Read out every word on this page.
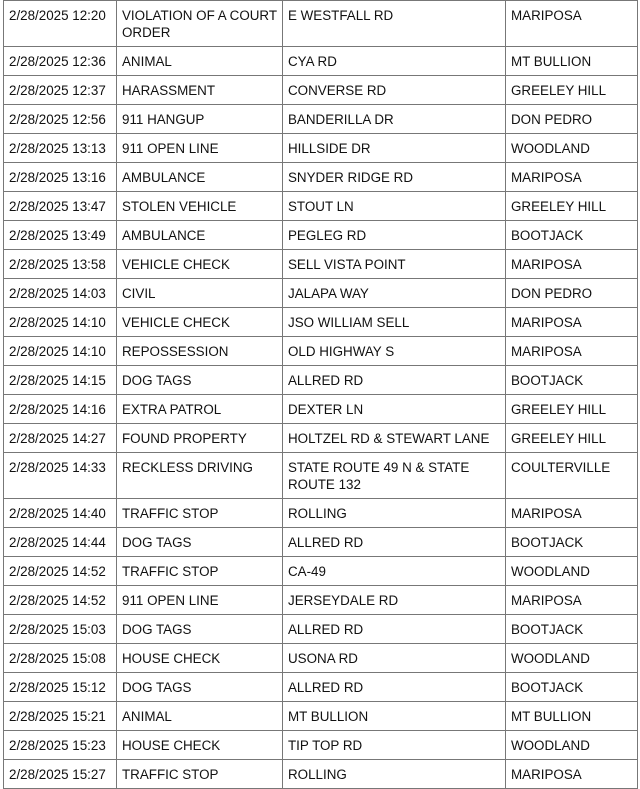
2/28/2025 12:20	VIOLATION OF A COURT ORDER	E WESTFALL RD	MARIPOSA
2/28/2025 12:36	ANIMAL	CYA RD	MT BULLION
2/28/2025 12:37	HARASSMENT	CONVERSE RD	GREELEY HILL
2/28/2025 12:56	911 HANGUP	BANDERILLA DR	DON PEDRO
2/28/2025 13:13	911 OPEN LINE	HILLSIDE DR	WOODLAND
2/28/2025 13:16	AMBULANCE	SNYDER RIDGE RD	MARIPOSA
2/28/2025 13:47	STOLEN VEHICLE	STOUT LN	GREELEY HILL
2/28/2025 13:49	AMBULANCE	PEGLEG RD	BOOTJACK
2/28/2025 13:58	VEHICLE CHECK	SELL VISTA POINT	MARIPOSA
2/28/2025 14:03	CIVIL	JALAPA WAY	DON PEDRO
2/28/2025 14:10	VEHICLE CHECK	JSO WILLIAM SELL	MARIPOSA
2/28/2025 14:10	REPOSSESSION	OLD HIGHWAY S	MARIPOSA
2/28/2025 14:15	DOG TAGS	ALLRED RD	BOOTJACK
2/28/2025 14:16	EXTRA PATROL	DEXTER LN	GREELEY HILL
2/28/2025 14:27	FOUND PROPERTY	HOLTZEL RD & STEWART LANE	GREELEY HILL
2/28/2025 14:33	RECKLESS DRIVING	STATE ROUTE 49 N & STATE ROUTE 132	COULTERVILLE
2/28/2025 14:40	TRAFFIC STOP	ROLLING	MARIPOSA
2/28/2025 14:44	DOG TAGS	ALLRED RD	BOOTJACK
2/28/2025 14:52	TRAFFIC STOP	CA-49	WOODLAND
2/28/2025 14:52	911 OPEN LINE	JERSEYDALE RD	MARIPOSA
2/28/2025 15:03	DOG TAGS	ALLRED RD	BOOTJACK
2/28/2025 15:08	HOUSE CHECK	USONA RD	WOODLAND
2/28/2025 15:12	DOG TAGS	ALLRED RD	BOOTJACK
2/28/2025 15:21	ANIMAL	MT BULLION	MT BULLION
2/28/2025 15:23	HOUSE CHECK	TIP TOP RD	WOODLAND
2/28/2025 15:27	TRAFFIC STOP	ROLLING	MARIPOSA
